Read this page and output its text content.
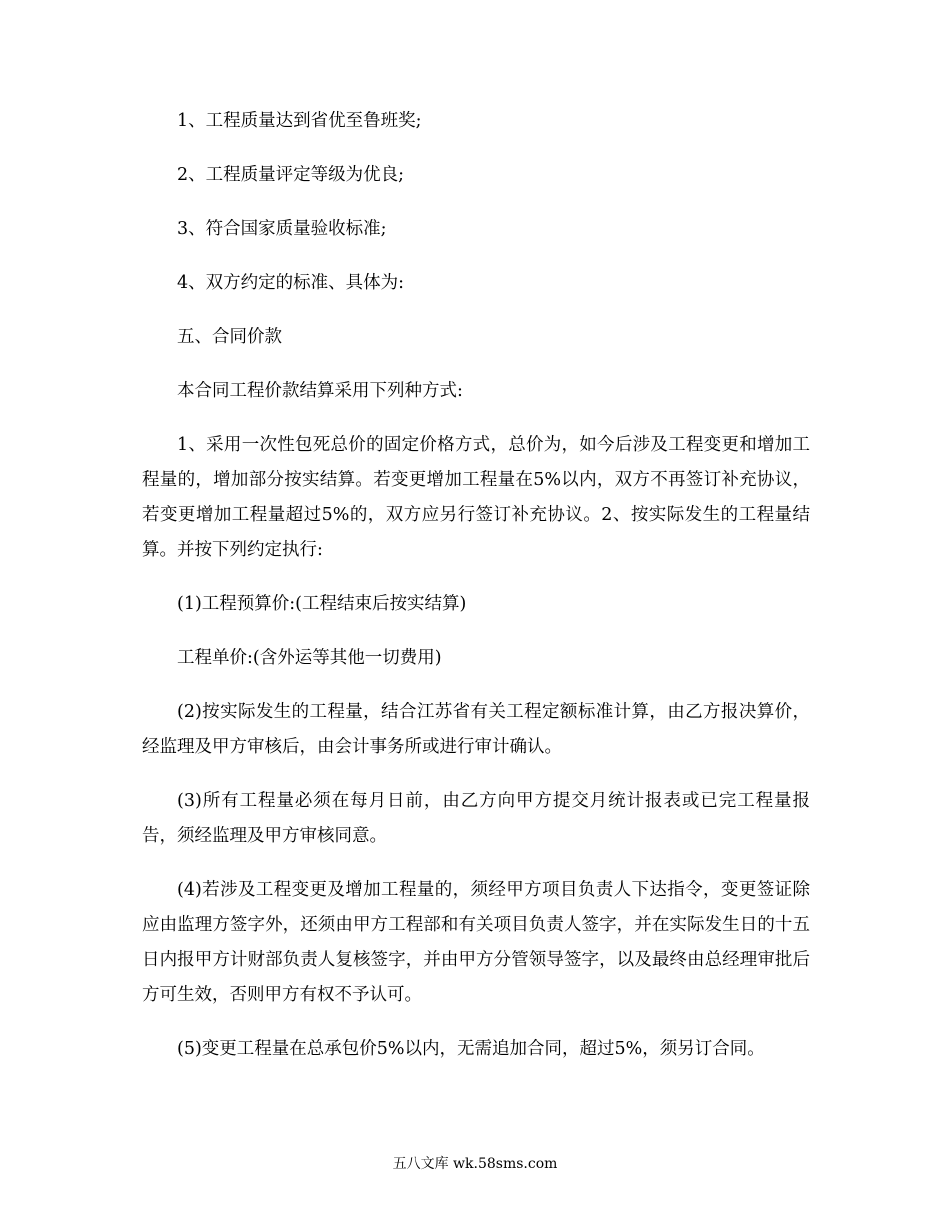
1、工程质量达到省优至鲁班奖;

2、工程质量评定等级为优良;

3、符合国家质量验收标准;

4、双方约定的标准、具体为:

五、合同价款

本合同工程价款结算采用下列种方式:

1、采用一次性包死总价的固定价格方式，总价为，如今后涉及工程变更和增加工程量的，增加部分按实结算。若变更增加工程量在5%以内，双方不再签订补充协议，若变更增加工程量超过5%的，双方应另行签订补充协议。2、按实际发生的工程量结算。并按下列约定执行:

(1)工程预算价:(工程结束后按实结算)

工程单价:(含外运等其他一切费用)

(2)按实际发生的工程量，结合江苏省有关工程定额标准计算，由乙方报决算价，经监理及甲方审核后，由会计事务所或进行审计确认。

(3)所有工程量必须在每月日前，由乙方向甲方提交月统计报表或已完工程量报告，须经监理及甲方审核同意。

(4)若涉及工程变更及增加工程量的，须经甲方项目负责人下达指令，变更签证除应由监理方签字外，还须由甲方工程部和有关项目负责人签字，并在实际发生日的十五日内报甲方计财部负责人复核签字，并由甲方分管领导签字，以及最终由总经理审批后方可生效，否则甲方有权不予认可。

(5)变更工程量在总承包价5%以内，无需追加合同，超过5%，须另订合同。

五八文库 wk.58sms.com
